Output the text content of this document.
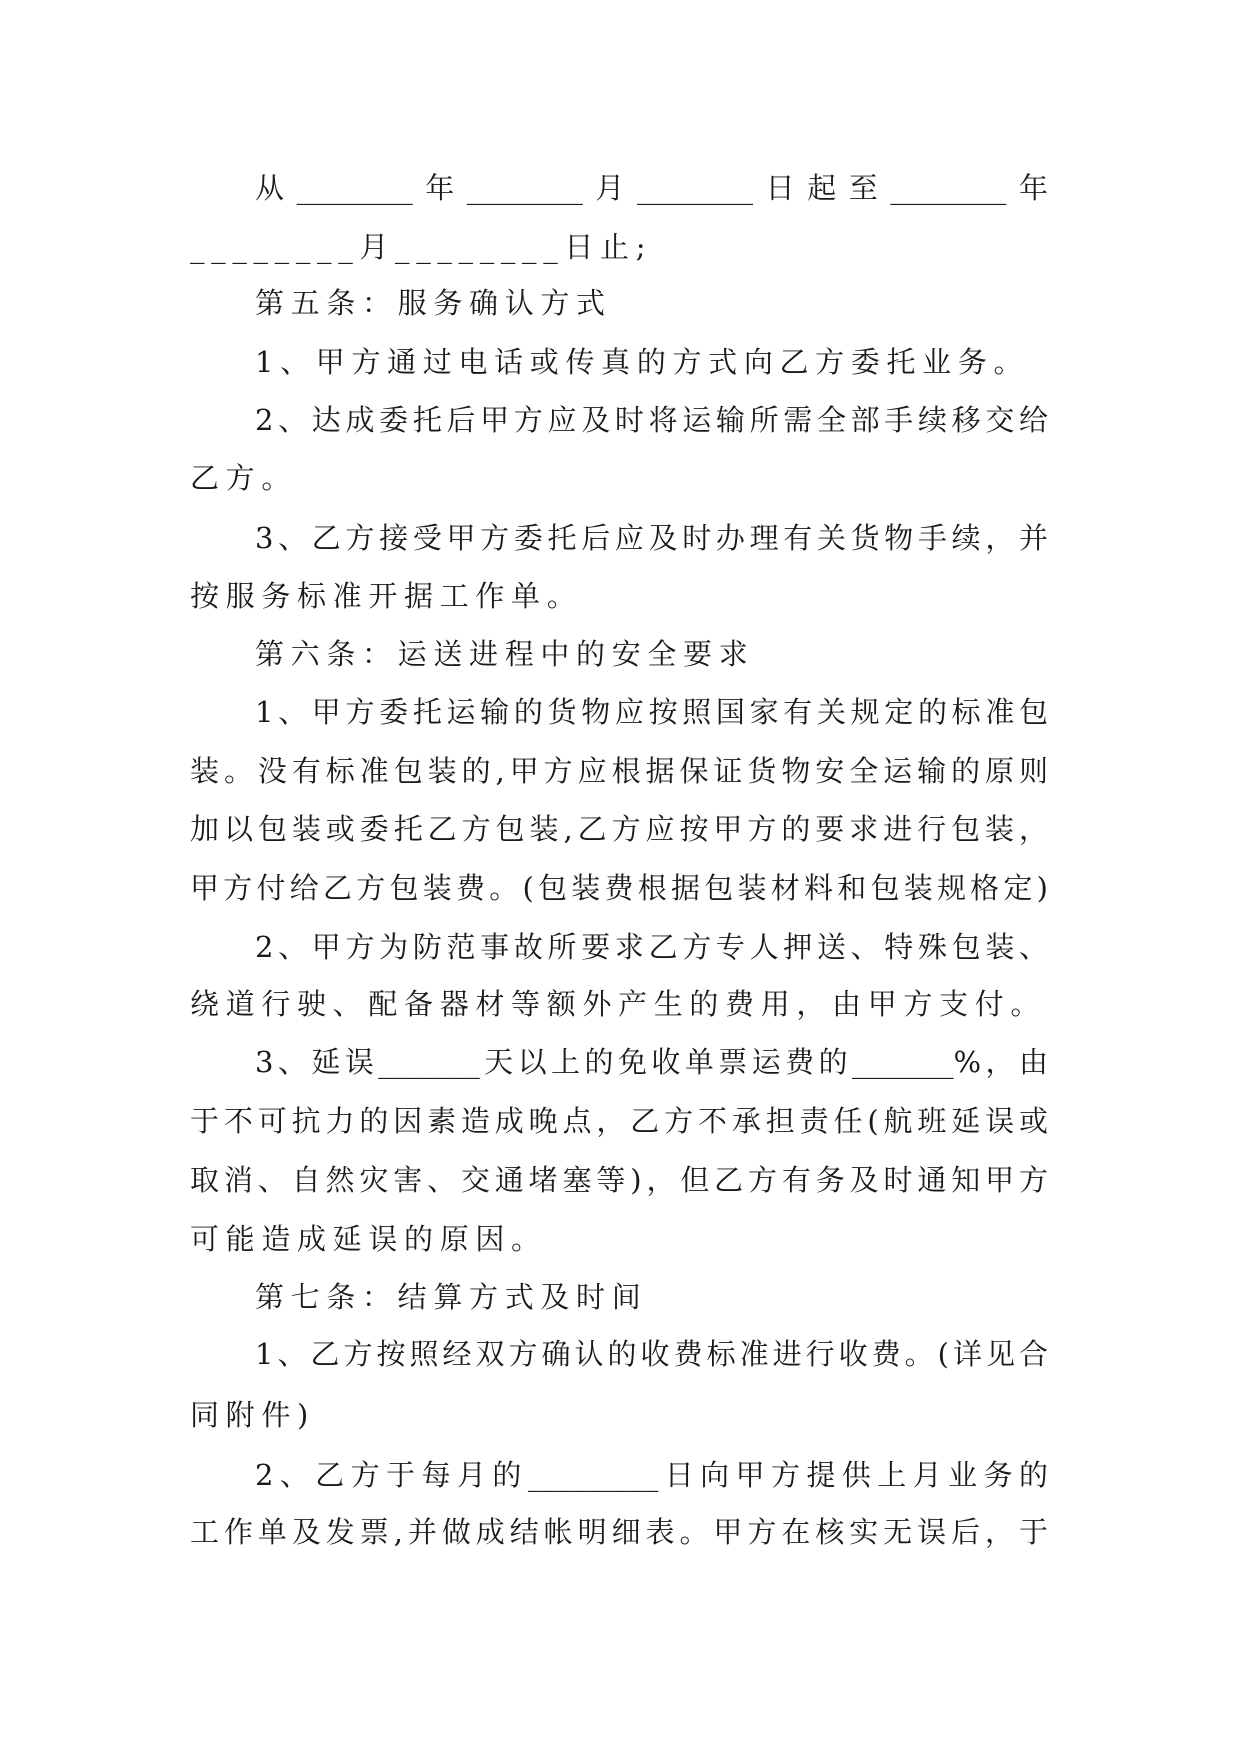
从________年________月________日起至________年
________月________日止;
第五条：服务确认方式
1、甲方通过电话或传真的方式向乙方委托业务。
2、达成委托后甲方应及时将运输所需全部手续移交给
乙方。
3、乙方接受甲方委托后应及时办理有关货物手续，并
按服务标准开据工作单。
第六条：运送进程中的安全要求
1、甲方委托运输的货物应按照国家有关规定的标准包
装。没有标准包装的,甲方应根据保证货物安全运输的原则
加以包装或委托乙方包装,乙方应按甲方的要求进行包装，
甲方付给乙方包装费。(包装费根据包装材料和包装规格定)
2、甲方为防范事故所要求乙方专人押送、特殊包装、
绕道行驶、配备器材等额外产生的费用，由甲方支付。
3、延误_______天以上的免收单票运费的_______%，由
于不可抗力的因素造成晚点，乙方不承担责任(航班延误或
取消、自然灾害、交通堵塞等)，但乙方有务及时通知甲方
可能造成延误的原因。
第七条：结算方式及时间
1、乙方按照经双方确认的收费标准进行收费。(详见合
同附件)
2、乙方于每月的_________日向甲方提供上月业务的
工作单及发票,并做成结帐明细表。甲方在核实无误后，于
